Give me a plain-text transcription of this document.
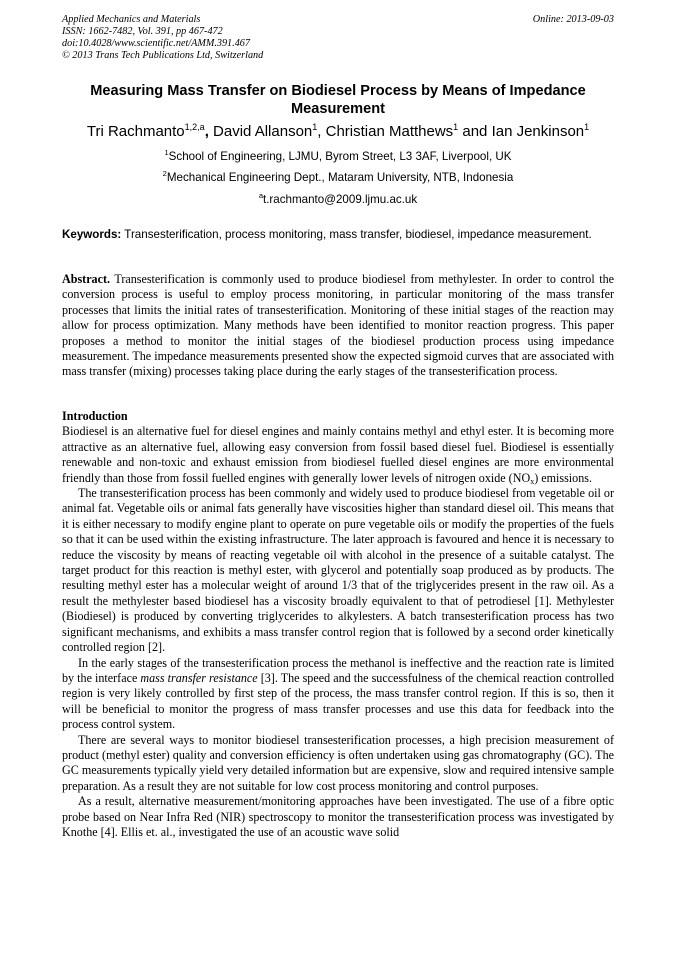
Applied Mechanics and Materials
ISSN: 1662-7482, Vol. 391, pp 467-472
doi:10.4028/www.scientific.net/AMM.391.467
© 2013 Trans Tech Publications Ltd, Switzerland
Online: 2013-09-03
Measuring Mass Transfer on Biodiesel Process by Means of Impedance
Measurement
Tri Rachmanto$^{1,2,a}$, David Allanson$^1$, Christian Matthews$^1$ and Ian Jenkinson$^1$
$^1$School of Engineering, LJMU, Byrom Street, L3 3AF, Liverpool, UK
$^2$Mechanical Engineering Dept., Mataram University, NTB, Indonesia
$^a$t.rachmanto@2009.ljmu.ac.uk
Keywords: Transesterification, process monitoring, mass transfer, biodiesel, impedance measurement.

Abstract. Transesterification is commonly used to produce biodiesel from methylester. In order to control the conversion process is useful to employ process monitoring, in particular monitoring of the mass transfer processes that limits the initial rates of transesterification. Monitoring of these initial stages of the reaction may allow for process optimization. Many methods have been identified to monitor reaction progress. This paper proposes a method to monitor the initial stages of the biodiesel production process using impedance measurement. The impedance measurements presented show the expected sigmoid curves that are associated with mass transfer (mixing) processes taking place during the early stages of the transesterification process.

Introduction

Biodiesel is an alternative fuel for diesel engines and mainly contains methyl and ethyl ester. It is becoming more attractive as an alternative fuel, allowing easy conversion from fossil based diesel fuel. Biodiesel is essentially renewable and non-toxic and exhaust emission from biodiesel fuelled diesel engines are more environmental friendly than those from fossil fuelled engines with generally lower levels of nitrogen oxide $(NO_x)$ emissions.

The transesterification process has been commonly and widely used to produce biodiesel from vegetable oil or animal fat. Vegetable oils or animal fats generally have viscosities higher than standard diesel oil. This means that it is either necessary to modify engine plant to operate on pure vegetable oils or modify the properties of the fuels so that it can be used within the existing infrastructure. The later approach is favoured and hence it is necessary to reduce the viscosity by means of reacting vegetable oil with alcohol in the presence of a suitable catalyst. The target product for this reaction is methyl ester, with glycerol and potentially soap produced as by products. The resulting methyl ester has a molecular weight of around 1/3 that of the triglycerides present in the raw oil. As a result the methylester based biodiesel has a viscosity broadly equivalent to that of petrodiesel [1]. Methylester (Biodiesel) is produced by converting triglycerides to alkylesters. A batch transesterification process has two significant mechanisms, and exhibits a mass transfer control region that is followed by a second order kinetically controlled region [2].

In the early stages of the transesterification process the methanol is ineffective and the reaction rate is limited by the interface mass transfer resistance [3]. The speed and the successfulness of the chemical reaction controlled region is very likely controlled by first step of the process, the mass transfer control region. If this is so, then it will be beneficial to monitor the progress of mass transfer processes and use this data for feedback into the process control system.

There are several ways to monitor biodiesel transesterification processes, a high precision measurement of product (methyl ester) quality and conversion efficiency is often undertaken using gas chromatography (GC). The GC measurements typically yield very detailed information but are expensive, slow and required intensive sample preparation. As a result they are not suitable for low cost process monitoring and control purposes.

As a result, alternative measurement/monitoring approaches have been investigated. The use of a fibre optic probe based on Near Infra Red (NIR) spectroscopy to monitor the transesterification process was investigated by Knothe [4]. Ellis et. al., investigated the use of an acoustic wave solid
